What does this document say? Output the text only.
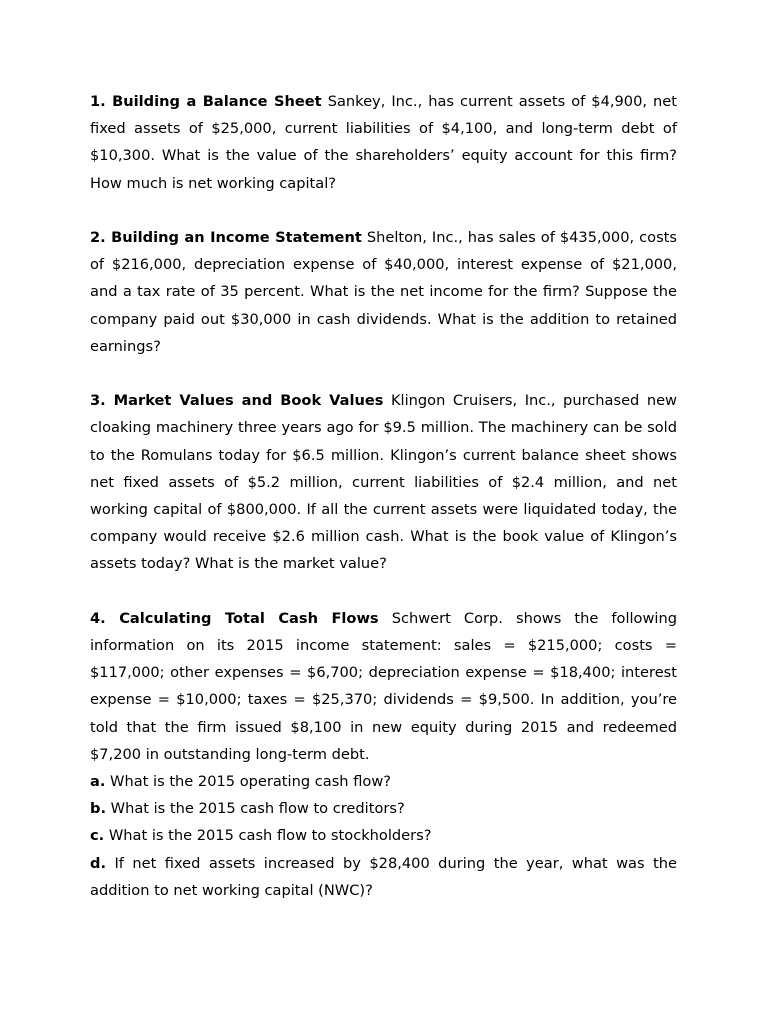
1. Building a Balance Sheet Sankey, Inc., has current assets of $4,900, net fixed assets of $25,000, current liabilities of $4,100, and long-term debt of $10,300. What is the value of the shareholders’ equity account for this firm? How much is net working capital?

2. Building an Income Statement Shelton, Inc., has sales of $435,000, costs of $216,000, depreciation expense of $40,000, interest expense of $21,000, and a tax rate of 35 percent. What is the net income for the firm? Suppose the company paid out $30,000 in cash dividends. What is the addition to retained earnings?

3. Market Values and Book Values Klingon Cruisers, Inc., purchased new cloaking machinery three years ago for $9.5 million. The machinery can be sold to the Romulans today for $6.5 million. Klingon’s current balance sheet shows net fixed assets of $5.2 million, current liabilities of $2.4 million, and net working capital of $800,000. If all the current assets were liquidated today, the company would receive $2.6 million cash. What is the book value of Klingon’s assets today? What is the market value?

4. Calculating Total Cash Flows Schwert Corp. shows the following information on its 2015 income statement: sales = $215,000; costs = $117,000; other expenses = $6,700; depreciation expense = $18,400; interest expense = $10,000; taxes = $25,370; dividends = $9,500. In addition, you’re told that the firm issued $8,100 in new equity during 2015 and redeemed $7,200 in outstanding long-term debt.

a. What is the 2015 operating cash flow?

b. What is the 2015 cash flow to creditors?

c. What is the 2015 cash flow to stockholders?

d. If net fixed assets increased by $28,400 during the year, what was the addition to net working capital (NWC)?
